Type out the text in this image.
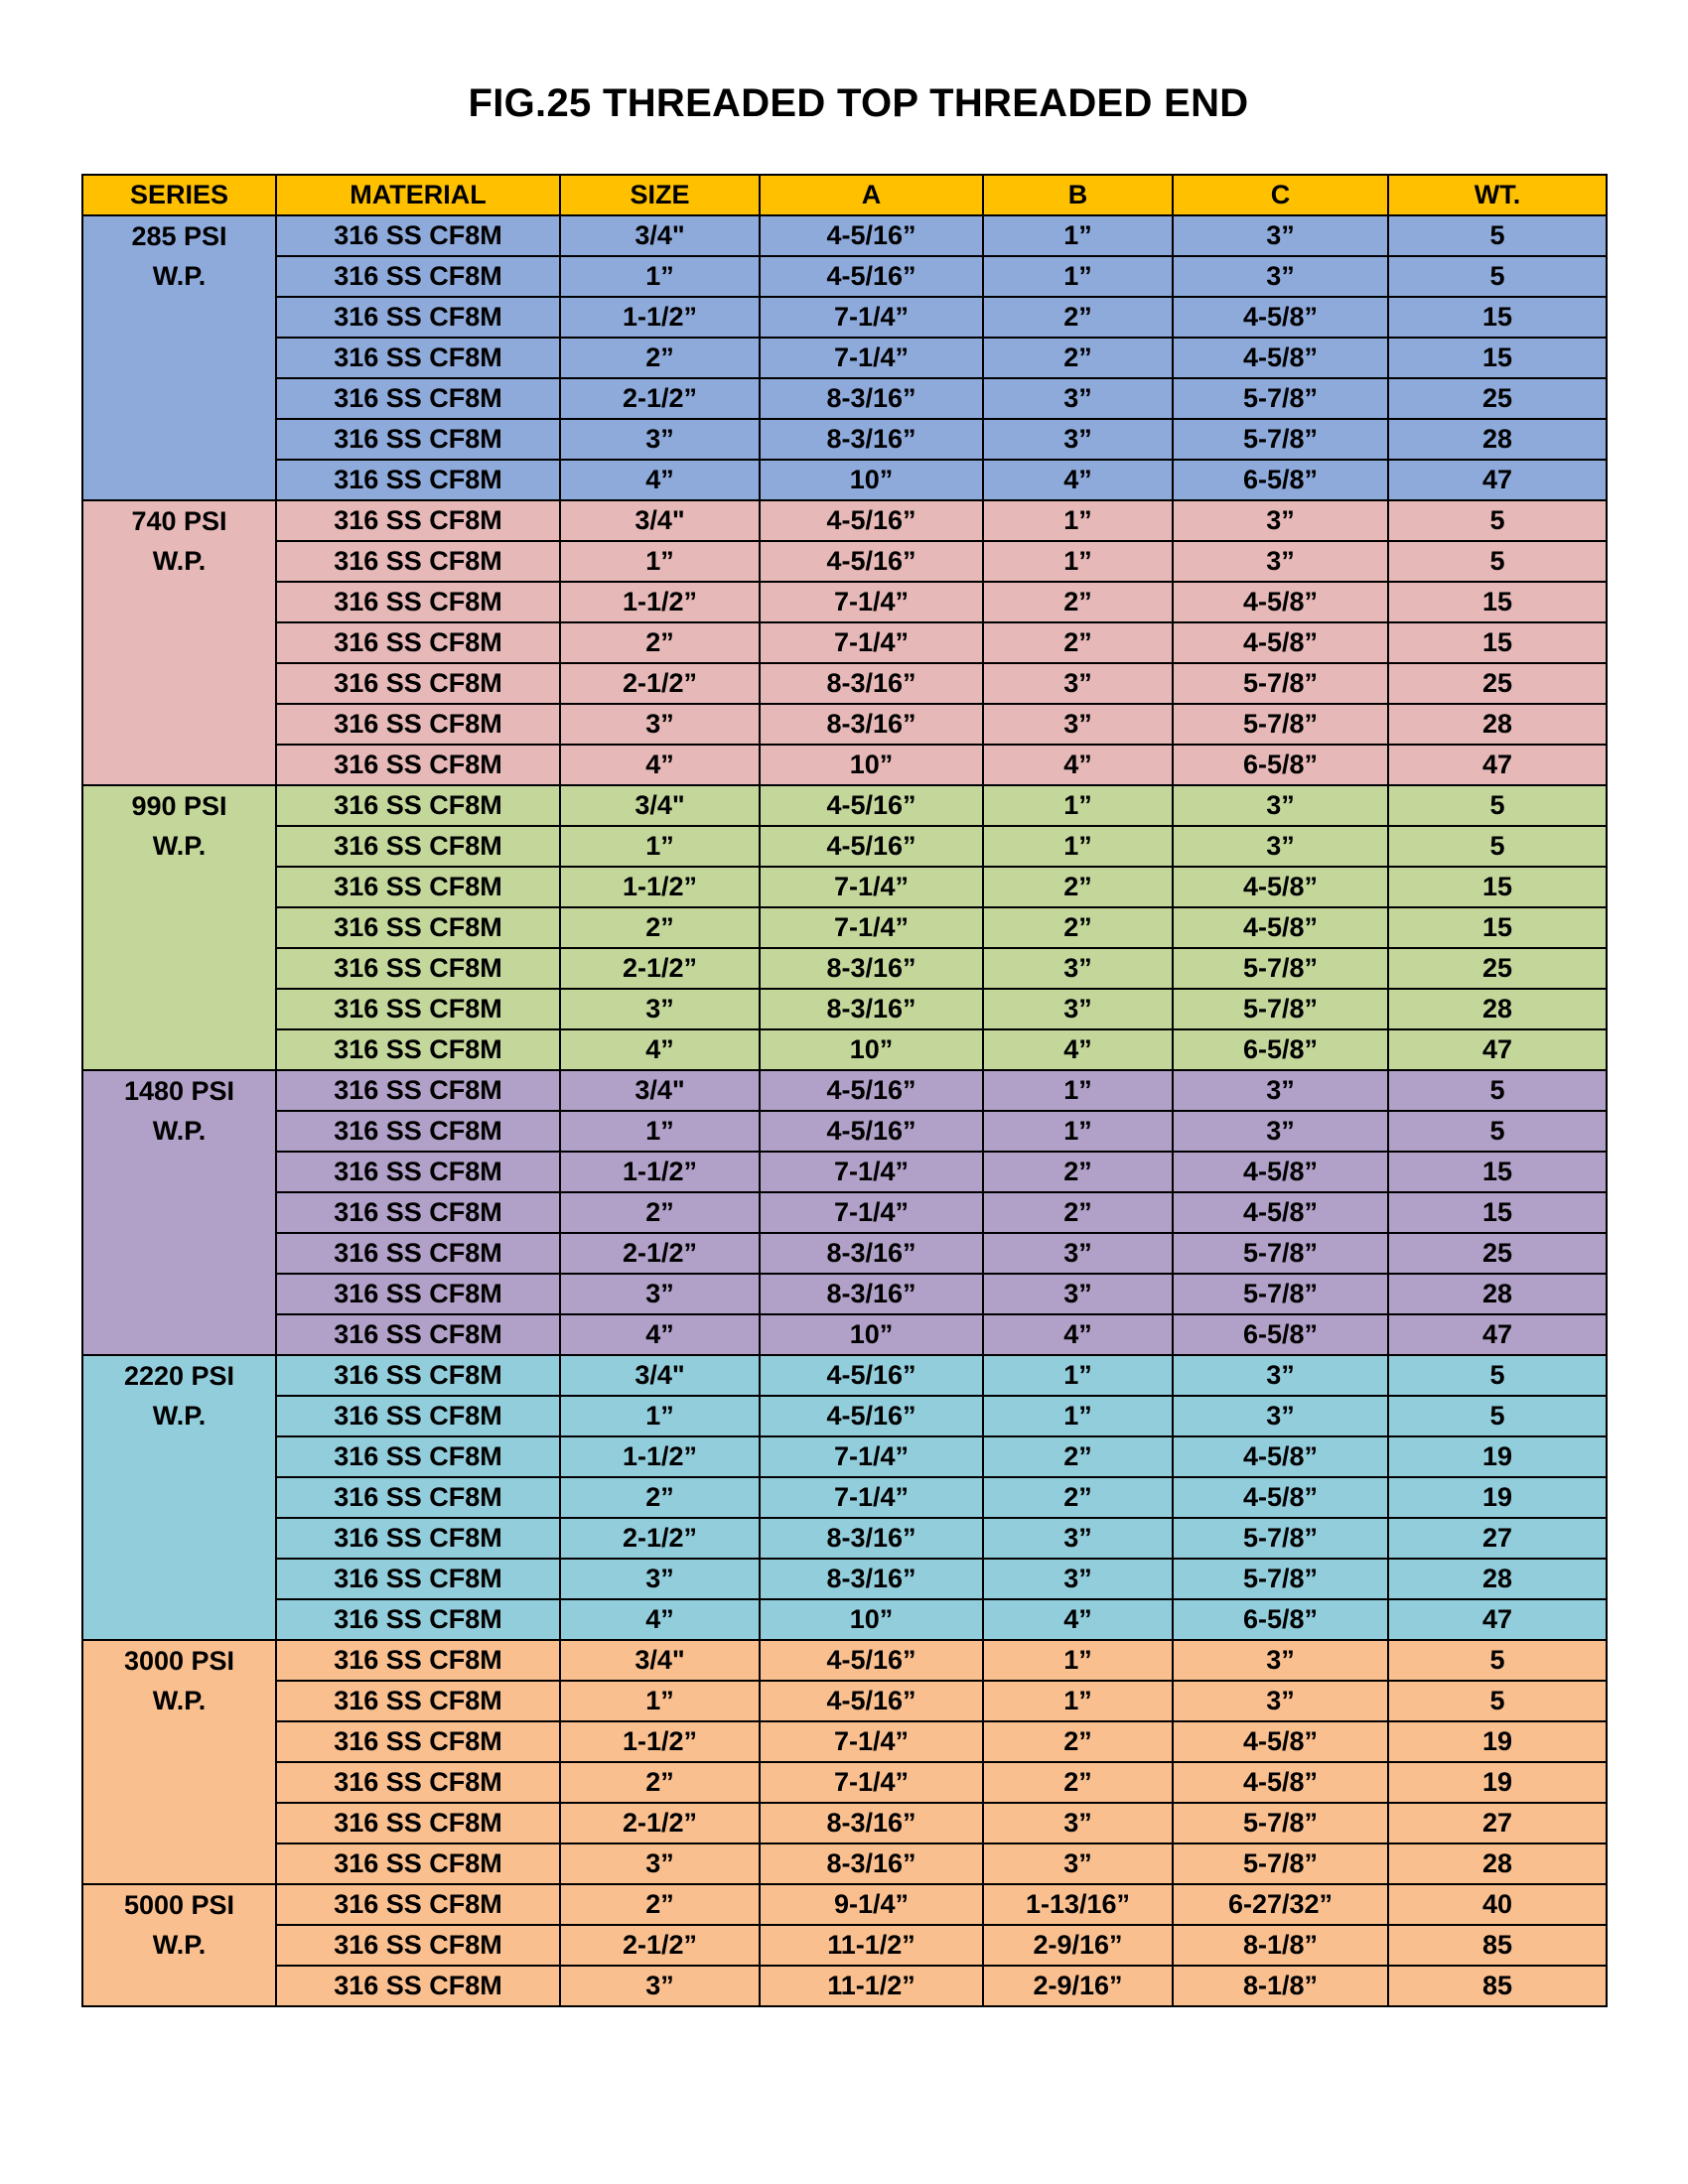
FIG.25 THREADED TOP THREADED END
SERIES	MATERIAL	SIZE	A	B	C	WT.
285 PSI	316 SS CF8M	3/4"	4-5/16”	1”	3”	5
W.P.	316 SS CF8M	1”	4-5/16”	1”	3”	5
	316 SS CF8M	1-1/2”	7-1/4”	2”	4-5/8”	15
	316 SS CF8M	2”	7-1/4”	2”	4-5/8”	15
	316 SS CF8M	2-1/2”	8-3/16”	3”	5-7/8”	25
	316 SS CF8M	3”	8-3/16”	3”	5-7/8”	28
	316 SS CF8M	4”	10”	4”	6-5/8”	47
740 PSI	316 SS CF8M	3/4"	4-5/16”	1”	3”	5
W.P.	316 SS CF8M	1”	4-5/16”	1”	3”	5
	316 SS CF8M	1-1/2”	7-1/4”	2”	4-5/8”	15
	316 SS CF8M	2”	7-1/4”	2”	4-5/8”	15
	316 SS CF8M	2-1/2”	8-3/16”	3”	5-7/8”	25
	316 SS CF8M	3”	8-3/16”	3”	5-7/8”	28
	316 SS CF8M	4”	10”	4”	6-5/8”	47
990 PSI	316 SS CF8M	3/4"	4-5/16”	1”	3”	5
W.P.	316 SS CF8M	1”	4-5/16”	1”	3”	5
	316 SS CF8M	1-1/2”	7-1/4”	2”	4-5/8”	15
	316 SS CF8M	2”	7-1/4”	2”	4-5/8”	15
	316 SS CF8M	2-1/2”	8-3/16”	3”	5-7/8”	25
	316 SS CF8M	3”	8-3/16”	3”	5-7/8”	28
	316 SS CF8M	4”	10”	4”	6-5/8”	47
1480 PSI	316 SS CF8M	3/4"	4-5/16”	1”	3”	5
W.P.	316 SS CF8M	1”	4-5/16”	1”	3”	5
	316 SS CF8M	1-1/2”	7-1/4”	2”	4-5/8”	15
	316 SS CF8M	2”	7-1/4”	2”	4-5/8”	15
	316 SS CF8M	2-1/2”	8-3/16”	3”	5-7/8”	25
	316 SS CF8M	3”	8-3/16”	3”	5-7/8”	28
	316 SS CF8M	4”	10”	4”	6-5/8”	47
2220 PSI	316 SS CF8M	3/4"	4-5/16”	1”	3”	5
W.P.	316 SS CF8M	1”	4-5/16”	1”	3”	5
	316 SS CF8M	1-1/2”	7-1/4”	2”	4-5/8”	19
	316 SS CF8M	2”	7-1/4”	2”	4-5/8”	19
	316 SS CF8M	2-1/2”	8-3/16”	3”	5-7/8”	27
	316 SS CF8M	3”	8-3/16”	3”	5-7/8”	28
	316 SS CF8M	4”	10”	4”	6-5/8”	47
3000 PSI	316 SS CF8M	3/4"	4-5/16”	1”	3”	5
W.P.	316 SS CF8M	1”	4-5/16”	1”	3”	5
	316 SS CF8M	1-1/2”	7-1/4”	2”	4-5/8”	19
	316 SS CF8M	2”	7-1/4”	2”	4-5/8”	19
	316 SS CF8M	2-1/2”	8-3/16”	3”	5-7/8”	27
	316 SS CF8M	3”	8-3/16”	3”	5-7/8”	28
5000 PSI	316 SS CF8M	2”	9-1/4”	1-13/16”	6-27/32”	40
W.P.	316 SS CF8M	2-1/2”	11-1/2”	2-9/16”	8-1/8”	85
	316 SS CF8M	3”	11-1/2”	2-9/16”	8-1/8”	85
